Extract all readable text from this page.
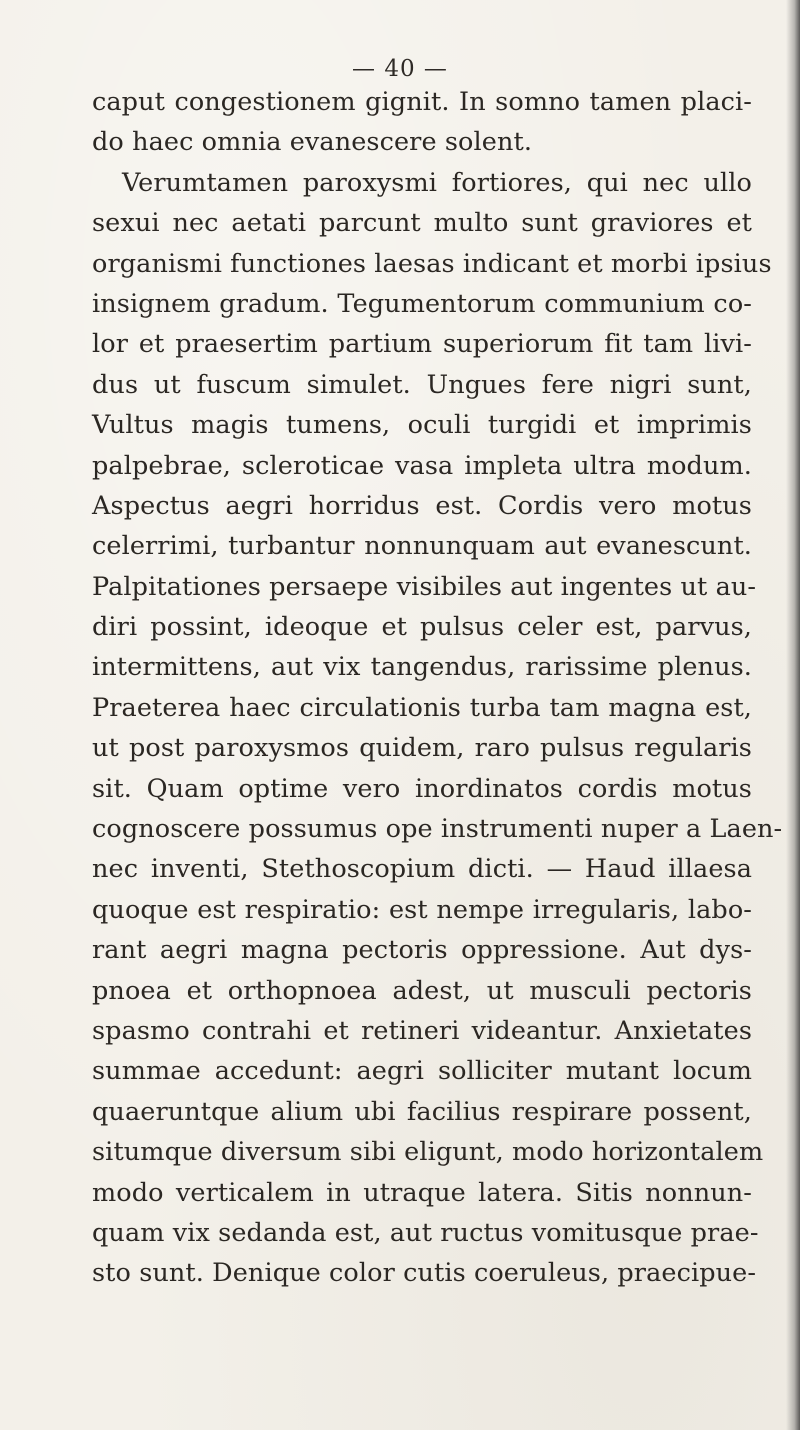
— 40 —
caput congestionem gignit. In somno tamen placi-
do haec omnia evanescere solent.
Verumtamen paroxysmi fortiores, qui nec ullo
sexui nec aetati parcunt multo sunt graviores et
organismi functiones laesas indicant et morbi ipsius
insignem gradum. Tegumentorum communium co-
lor et praesertim partium superiorum fit tam livi-
dus ut fuscum simulet. Ungues fere nigri sunt,
Vultus magis tumens, oculi turgidi et imprimis
palpebrae, scleroticae vasa impleta ultra modum.
Aspectus aegri horridus est. Cordis vero motus
celerrimi, turbantur nonnunquam aut evanescunt.
Palpitationes persaepe visibiles aut ingentes ut au-
diri possint, ideoque et pulsus celer est, parvus,
intermittens, aut vix tangendus, rarissime plenus.
Praeterea haec circulationis turba tam magna est,
ut post paroxysmos quidem, raro pulsus regularis
sit. Quam optime vero inordinatos cordis motus
cognoscere possumus ope instrumenti nuper a Laen-
nec inventi, Stethoscopium dicti. — Haud illaesa
quoque est respiratio: est nempe irregularis, labo-
rant aegri magna pectoris oppressione. Aut dys-
pnoea et orthopnoea adest, ut musculi pectoris
spasmo contrahi et retineri videantur. Anxietates
summae accedunt: aegri solliciter mutant locum
quaeruntque alium ubi facilius respirare possent,
situmque diversum sibi eligunt, modo horizontalem
modo verticalem in utraque latera. Sitis nonnun-
quam vix sedanda est, aut ructus vomitusque prae-
sto sunt. Denique color cutis coeruleus, praecipue-
